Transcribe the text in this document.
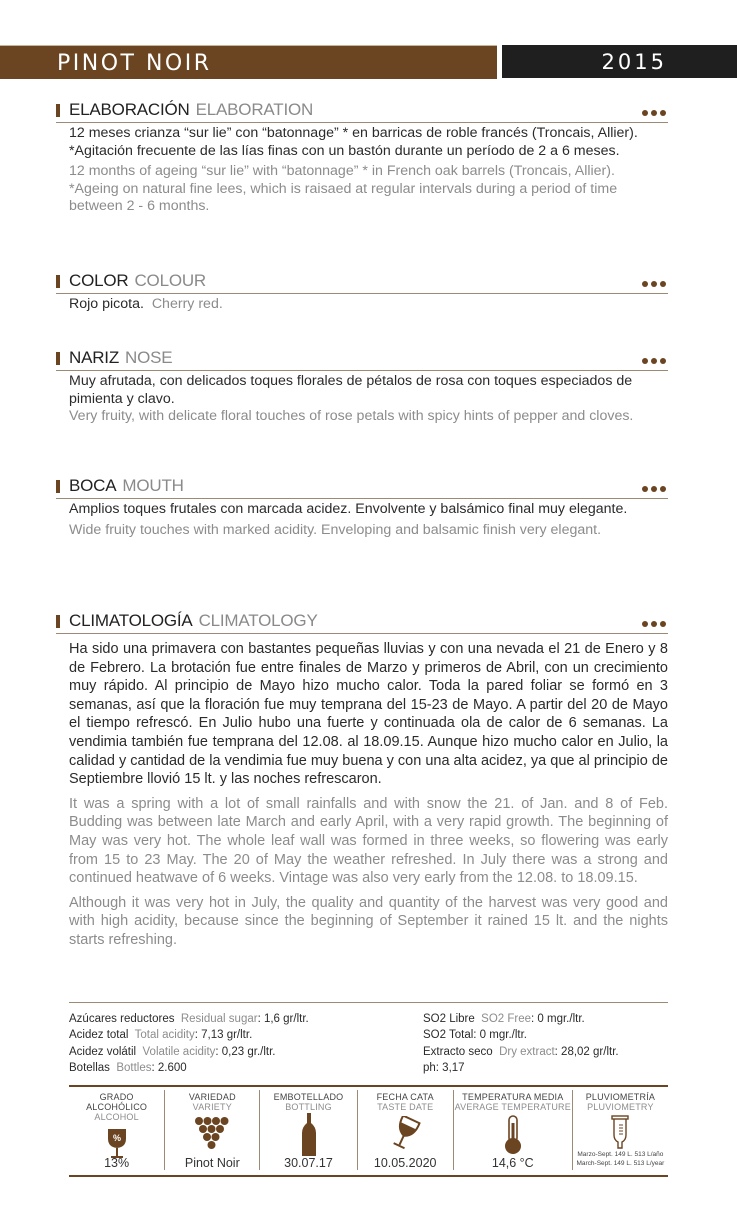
PINOT NOIR	2015
ELABORACIÓN ELABORATION
12 meses crianza “sur lie” con “batonnage” * en barricas de roble francés (Troncais, Allier).
*Agitación frecuente de las lías finas con un bastón durante un período de 2 a 6 meses.
12 months of ageing “sur lie” with “batonnage” * in French oak barrels (Troncais, Allier).
*Ageing on natural fine lees, which is raisaed at regular intervals during a period of time between 2 - 6 months.
COLOR COLOUR
Rojo picota. Cherry red.
NARIZ NOSE
Muy afrutada, con delicados toques florales de pétalos de rosa con toques especiados de pimienta y clavo.
Very fruity, with delicate floral touches of rose petals with spicy hints of pepper and cloves.
BOCA MOUTH
Amplios toques frutales con marcada acidez. Envolvente y balsámico final muy elegante.
Wide fruity touches with marked acidity. Enveloping and balsamic finish very elegant.
CLIMATOLOGÍA CLIMATOLOGY

Ha sido una primavera con bastantes pequeñas lluvias y con una nevada el 21 de Enero y 8 de Febrero. La brotación fue entre finales de Marzo y primeros de Abril, con un crecimiento muy rápido. Al principio de Mayo hizo mucho calor. Toda la pared foliar se formó en 3 semanas, así que la floración fue muy temprana del 15-23 de Mayo. A partir del 20 de Mayo el tiempo refrescó. En Julio hubo una fuerte y continuada ola de calor de 6 semanas. La vendimia también fue temprana del 12.08. al 18.09.15. Aunque hizo mucho calor en Julio, la calidad y cantidad de la vendimia fue muy buena y con una alta acidez, ya que al principio de Septiembre llovió 15 lt. y las noches refrescaron.

It was a spring with a lot of small rainfalls and with snow the 21. of Jan. and 8 of Feb. Budding was between late March and early April, with a very rapid growth. The beginning of May was very hot. The whole leaf wall was formed in three weeks, so flowering was early from 15 to 23 May. The 20 of May the weather refreshed. In July there was a strong and continued heatwave of 6 weeks. Vintage was also very early from the 12.08. to 18.09.15.

Although it was very hot in July, the quality and quantity of the harvest was very good and with high acidity, because since the beginning of September it rained 15 lt. and the nights starts refreshing.

Azúcares reductores Residual sugar: 1,6 gr/ltr.
Acidez total Total acidity: 7,13 gr/ltr.
Acidez volátil Volatile acidity: 0,23 gr./ltr.
Botellas Bottles: 2.600
SO2 Libre SO2 Free: 0 mgr./ltr.
SO2 Total: 0 mgr./ltr.
Extracto seco Dry extract: 28,02 gr/ltr.
ph: 3,17
GRADO ALCOHÓLICO
ALCOHOL
%
13%
VARIEDAD
VARIETY
Pinot Noir
EMBOTELLADO
BOTTLING
30.07.17
FECHA CATA
TASTE DATE
10.05.2020
TEMPERATURA MEDIA
AVERAGE TEMPERATURE
14,6 °C
PLUVIOMETRÍA
PLUVIOMETRY
Marzo-Sept. 149 L. 513 L/año
March-Sept. 149 L. 513 L/year
